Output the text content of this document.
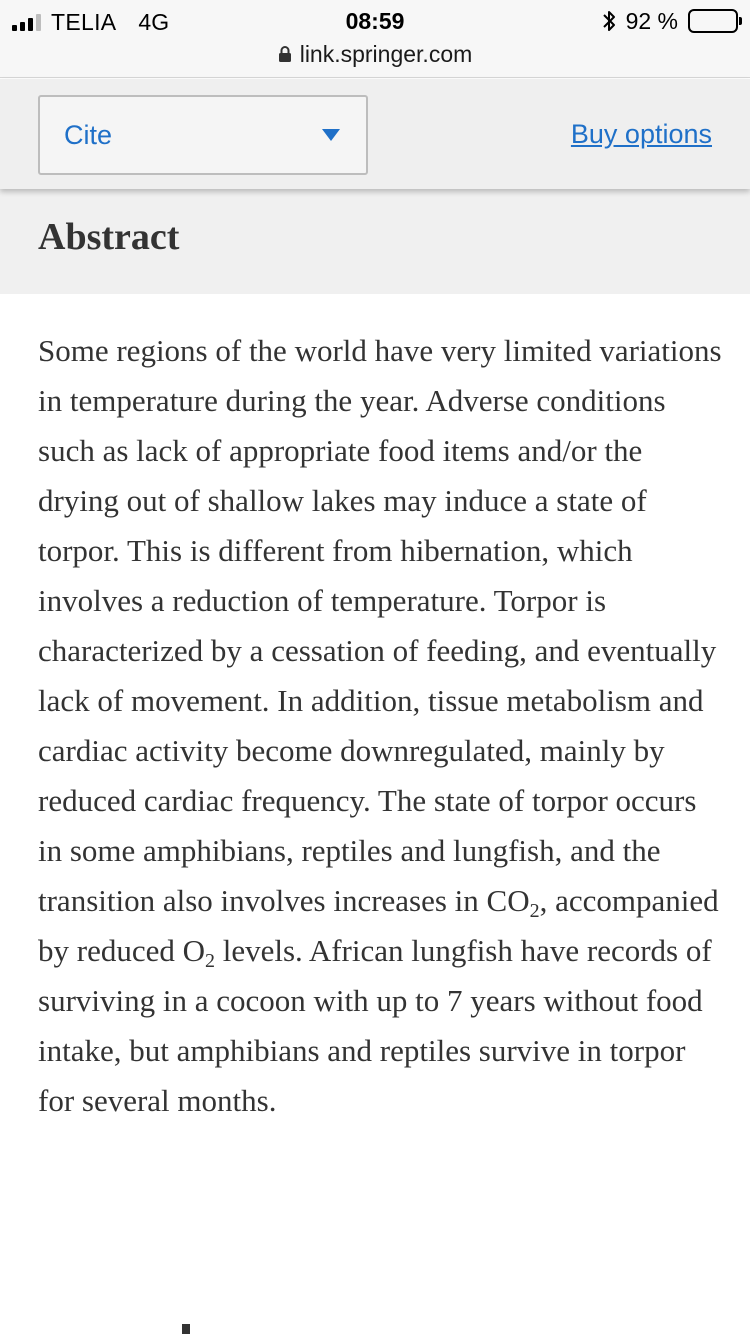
TELIA 4G	08:59	92 %
link.springer.com
Cite	Buy options
Abstract

Some regions of the world have very limited variations in temperature during the year. Adverse conditions such as lack of appropriate food items and/or the drying out of shallow lakes may induce a state of torpor. This is different from hibernation, which involves a reduction of temperature. Torpor is characterized by a cessation of feeding, and eventually lack of movement. In addition, tissue metabolism and cardiac activity become downregulated, mainly by reduced cardiac frequency. The state of torpor occurs in some amphibians, reptiles and lungfish, and the transition also involves increases in $CO_2$, accompanied by reduced $O_2$ levels. African lungfish have records of surviving in a cocoon with up to 7 years without food intake, but amphibians and reptiles survive in torpor for several months.
